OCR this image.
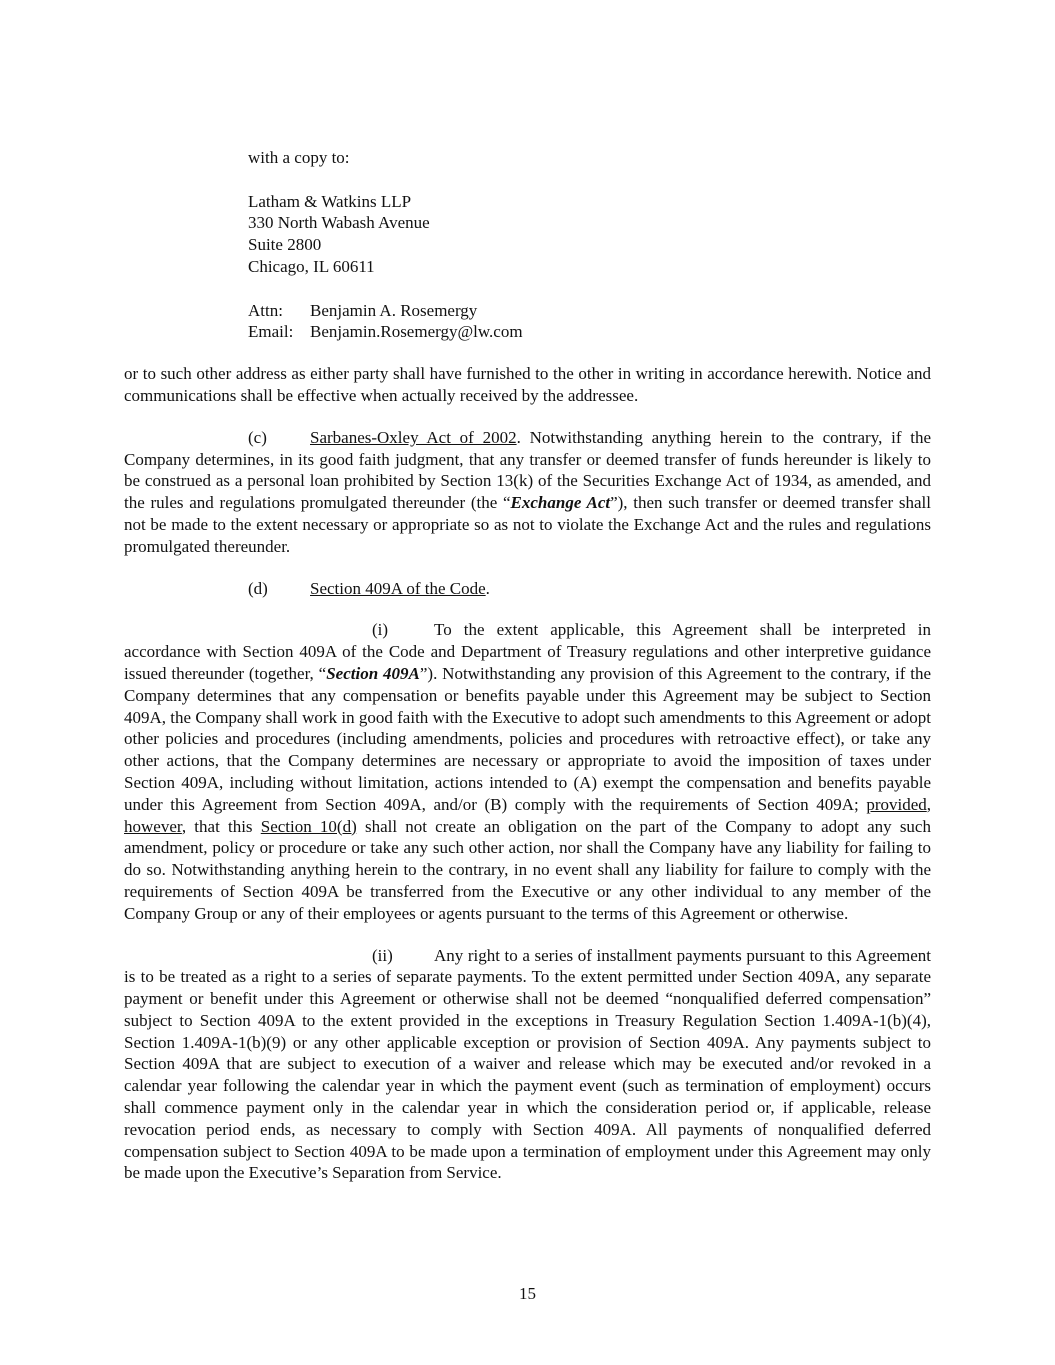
with a copy to:
Latham & Watkins LLP
330 North Wabash Avenue
Suite 2800
Chicago, IL 60611
Attn: Benjamin A. Rosemergy
Email: Benjamin.Rosemergy@lw.com

or to such other address as either party shall have furnished to the other in writing in accordance herewith. Notice and communications shall be effective when actually received by the addressee.

(c)	Sarbanes-Oxley Act of 2002. Notwithstanding anything herein to the contrary, if the Company determines, in its good faith judgment, that any transfer or deemed transfer of funds hereunder is likely to be construed as a personal loan prohibited by Section 13(k) of the Securities Exchange Act of 1934, as amended, and the rules and regulations promulgated thereunder (the “Exchange Act”), then such transfer or deemed transfer shall not be made to the extent necessary or appropriate so as not to violate the Exchange Act and the rules and regulations promulgated thereunder.

(d) Section 409A of the Code.

(i)	To the extent applicable, this Agreement shall be interpreted in accordance with Section 409A of the Code and Department of Treasury regulations and other interpretive guidance issued thereunder (together, “Section 409A”). Notwithstanding any provision of this Agreement to the contrary, if the Company determines that any compensation or benefits payable under this Agreement may be subject to Section 409A, the Company shall work in good faith with the Executive to adopt such amendments to this Agreement or adopt other policies and procedures (including amendments, policies and procedures with retroactive effect), or take any other actions, that the Company determines are necessary or appropriate to avoid the imposition of taxes under Section 409A, including without limitation, actions intended to (A) exempt the compensation and benefits payable under this Agreement from Section 409A, and/or (B) comply with the requirements of Section 409A; provided, however, that this Section 10(d) shall not create an obligation on the part of the Company to adopt any such amendment, policy or procedure or take any such other action, nor shall the Company have any liability for failing to do so. Notwithstanding anything herein to the contrary, in no event shall any liability for failure to comply with the requirements of Section 409A be transferred from the Executive or any other individual to any member of the Company Group or any of their employees or agents pursuant to the terms of this Agreement or otherwise.

(ii) Any right to a series of installment payments pursuant to this Agreement is to be treated as a right to a series of separate payments. To the extent permitted under Section 409A, any separate payment or benefit under this Agreement or otherwise shall not be deemed “nonqualified deferred compensation” subject to Section 409A to the extent provided in the exceptions in Treasury Regulation Section 1.409A-1(b)(4), Section 1.409A-1(b)(9) or any other applicable exception or provision of Section 409A. Any payments subject to Section 409A that are subject to execution of a waiver and release which may be executed and/or revoked in a calendar year following the calendar year in which the payment event (such as termination of employment) occurs shall commence payment only in the calendar year in which the consideration period or, if applicable, release revocation period ends, as necessary to comply with Section 409A. All payments of nonqualified deferred compensation subject to Section 409A to be made upon a termination of employment under this Agreement may only be made upon the Executive’s Separation from Service.

15
